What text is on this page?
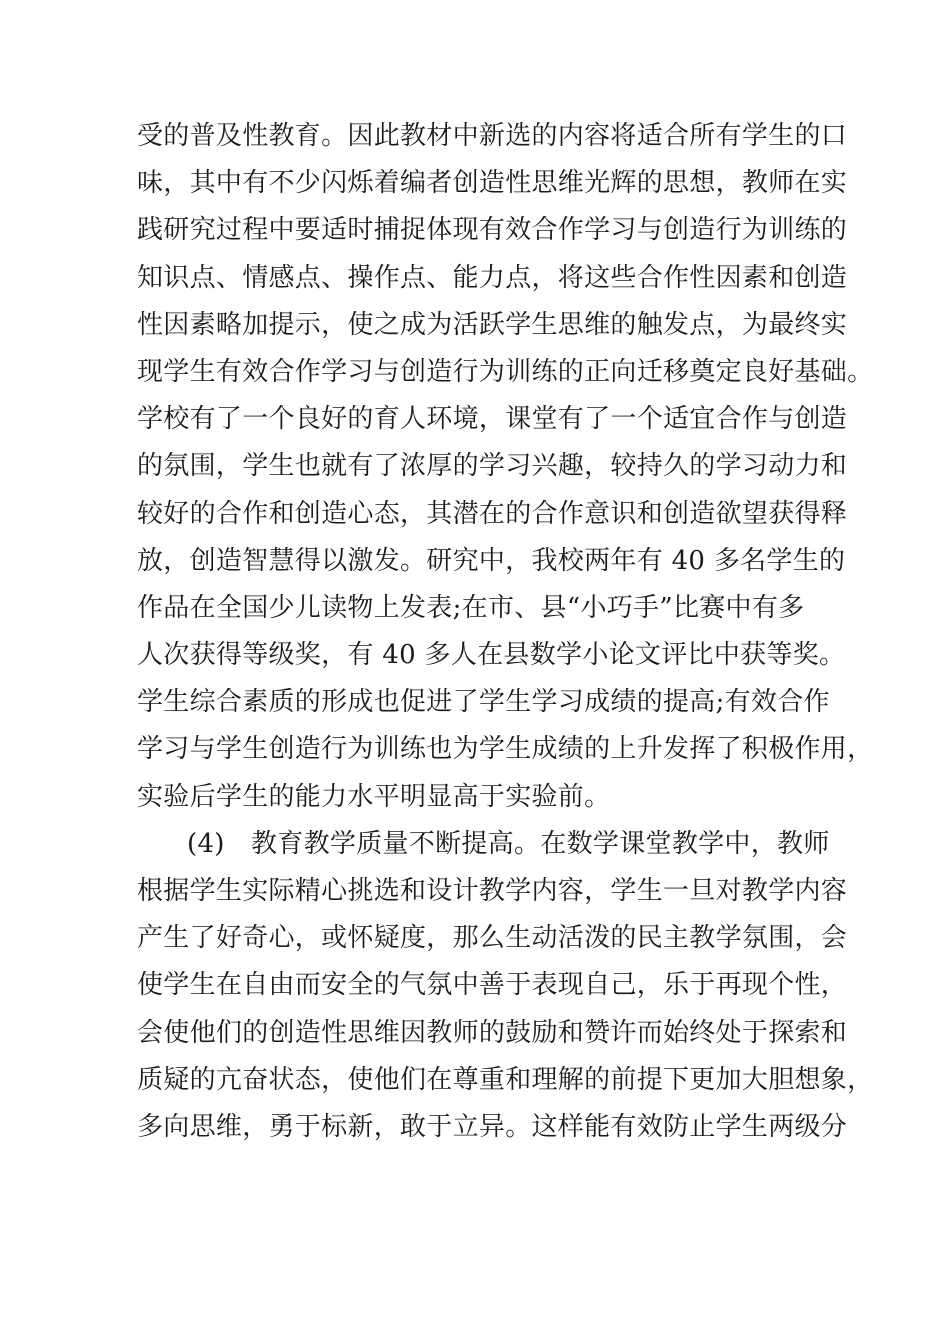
受的普及性教育。因此教材中新选的内容将适合所有学生的口
味，其中有不少闪烁着编者创造性思维光辉的思想，教师在实
践研究过程中要适时捕捉体现有效合作学习与创造行为训练的
知识点、情感点、操作点、能力点，将这些合作性因素和创造
性因素略加提示，使之成为活跃学生思维的触发点，为最终实
现学生有效合作学习与创造行为训练的正向迁移奠定良好基础。
学校有了一个良好的育人环境，课堂有了一个适宜合作与创造
的氛围，学生也就有了浓厚的学习兴趣，较持久的学习动力和
较好的合作和创造心态，其潜在的合作意识和创造欲望获得释
放，创造智慧得以激发。研究中，我校两年有 40 多名学生的
作品在全国少儿读物上发表;在市、县“小巧手”比赛中有多
人次获得等级奖，有 40 多人在县数学小论文评比中获等奖。
学生综合素质的形成也促进了学生学习成绩的提高;有效合作
学习与学生创造行为训练也为学生成绩的上升发挥了积极作用，
实验后学生的能力水平明显高于实验前。
(4)　教育教学质量不断提高。在数学课堂教学中，教师
根据学生实际精心挑选和设计教学内容，学生一旦对教学内容
产生了好奇心，或怀疑度，那么生动活泼的民主教学氛围，会
使学生在自由而安全的气氛中善于表现自己，乐于再现个性，
会使他们的创造性思维因教师的鼓励和赞许而始终处于探索和
质疑的亢奋状态，使他们在尊重和理解的前提下更加大胆想象，
多向思维，勇于标新，敢于立异。这样能有效防止学生两级分
